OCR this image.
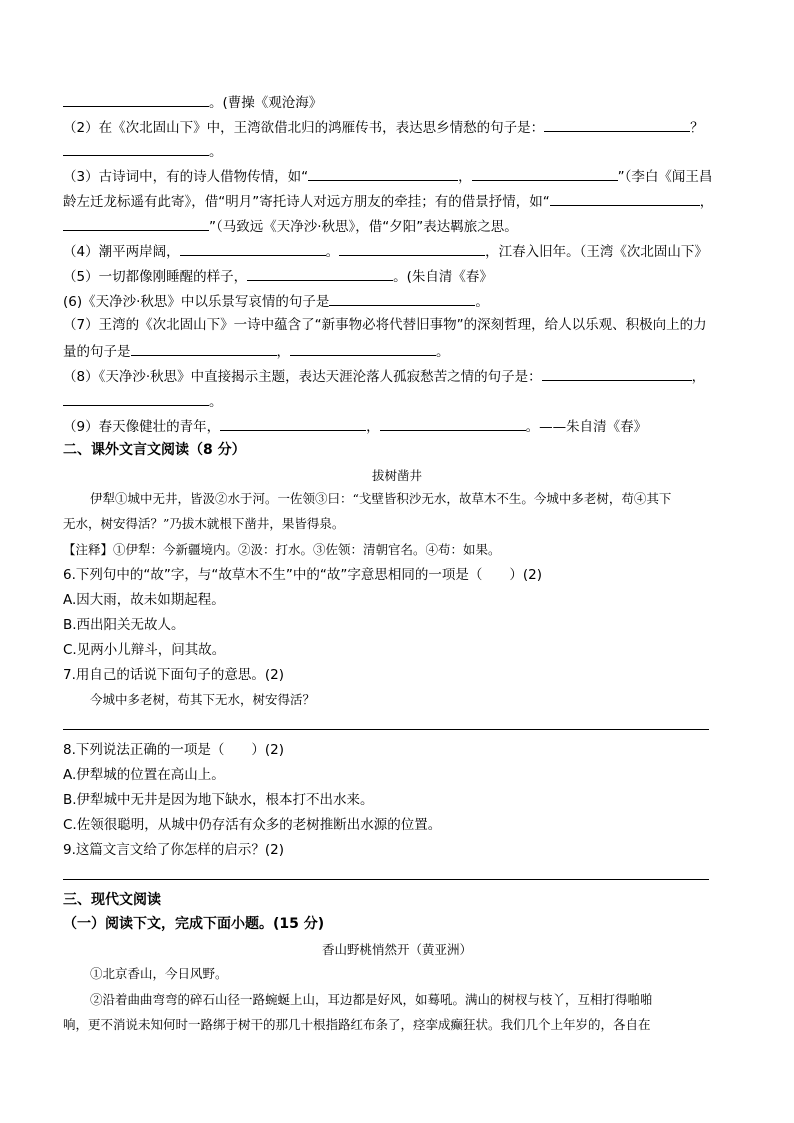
。(曹操《观沧海》
（2）在《次北固山下》中，王湾欲借北归的鸿雁传书，表达思乡情愁的句子是：	？
。
（3）古诗词中，有的诗人借物传情，如“	，	”（李白《闻王昌
龄左迁龙标遥有此寄》，借“明月”寄托诗人对远方朋友的牵挂；有的借景抒情，如“	，
”（马致远《天净沙·秋思》，借“夕阳”表达羁旅之思。
（4）潮平两岸阔，	。	，江春入旧年。（王湾《次北固山下》
（5）一切都像刚睡醒的样子，	。(朱自清《春》
(6)《天净沙·秋思》中以乐景写哀情的句子是	。
（7）王湾的《次北固山下》一诗中蕴含了“新事物必将代替旧事物”的深刻哲理，给人以乐观、积极向上的力
量的句子是	，	。
（8）《天净沙·秋思》中直接揭示主题，表达天涯沦落人孤寂愁苦之情的句子是：	，
。
（9）春天像健壮的青年，	，	。——朱自清《春》
二、课外文言文阅读（8 分）
拔树凿井
伊犁①城中无井，皆汲②水于河。一佐领③曰：“戈壁皆积沙无水，故草木不生。今城中多老树，苟④其下
无水，树安得活？”乃拔木就根下凿井，果皆得泉。
【注释】①伊犁：今新疆境内。②汲：打水。③佐领：清朝官名。④苟：如果。
6.下列句中的“故”字，与“故草木不生”中的“故”字意思相同的一项是（　　）(2)
A.因大雨，故未如期起程。
B.西出阳关无故人。
C.见两小儿辩斗，问其故。
7.用自己的话说下面句子的意思。(2)
今城中多老树，苟其下无水，树安得活？
8.下列说法正确的一项是（　　）(2)
A.伊犁城的位置在高山上。
B.伊犁城中无井是因为地下缺水，根本打不出水来。
C.佐领很聪明，从城中仍存活有众多的老树推断出水源的位置。
9.这篇文言文给了你怎样的启示？(2)
三、现代文阅读
（一）阅读下文，完成下面小题。(15 分)
香山野桃悄然开（黄亚洲）
①北京香山，今日风野。
②沿着曲曲弯弯的碎石山径一路蜿蜒上山，耳边都是好风，如蓦吼。满山的树杈与枝丫，互相打得啪啪
响，更不消说未知何时一路绑于树干的那几十根指路红布条了，痉挛成癫狂状。我们几个上年岁的，各自在
